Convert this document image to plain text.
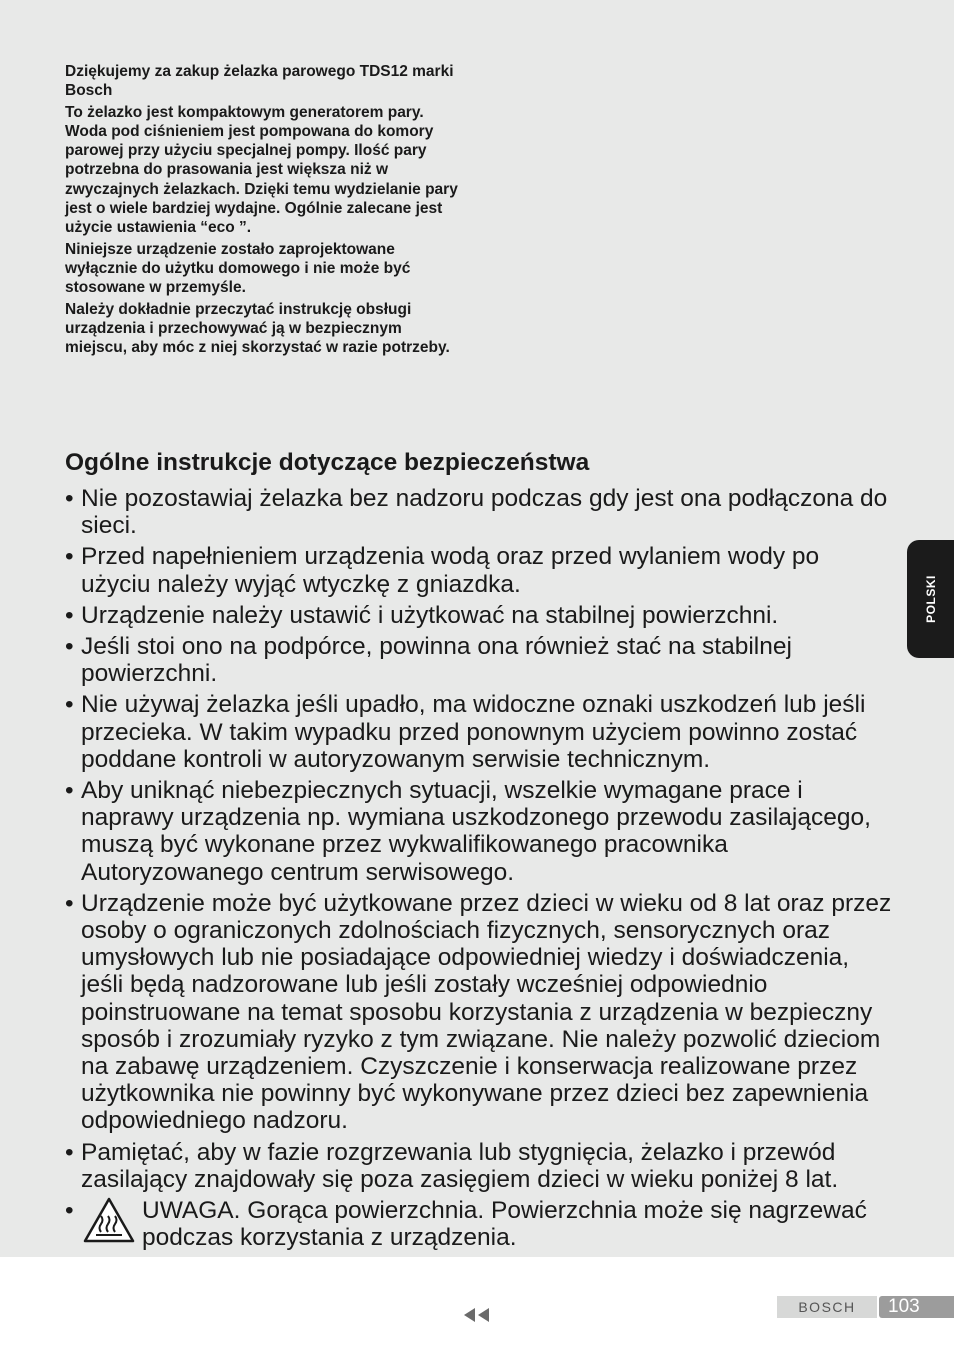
Dziękujemy za zakup żelazka parowego TDS12 marki Bosch

To żelazko jest kompaktowym generatorem pary. Woda pod ciśnieniem jest pompowana do komory parowej przy użyciu specjalnej pompy. Ilość pary potrzebna do prasowania jest większa niż w zwyczajnych żelazkach. Dzięki temu wydzielanie pary jest o wiele bardziej wydajne. Ogólnie zalecane jest użycie ustawienia “eco ”.

Niniejsze urządzenie zostało zaprojektowane wyłącznie do użytku domowego i nie może być stosowane w przemyśle.

Należy dokładnie przeczytać instrukcję obsługi urządzenia i przechowywać ją w bezpiecznym miejscu, aby móc z niej skorzystać w razie potrzeby.

Ogólne instrukcje dotyczące bezpieczeństwa
• Nie pozostawiaj żelazka bez nadzoru podczas gdy jest ona podłączona do sieci.
• Przed napełnieniem urządzenia wodą oraz przed wylaniem wody po użyciu należy wyjąć wtyczkę z gniazdka.
• Urządzenie należy ustawić i użytkować na stabilnej powierzchni.
• Jeśli stoi ono na podpórce, powinna ona również stać na stabilnej powierzchni.
• Nie używaj żelazka jeśli upadło, ma widoczne oznaki uszkodzeń lub jeśli przecieka. W takim wypadku przed ponownym użyciem powinno zostać poddane kontroli w autoryzowanym serwisie technicznym.
• Aby uniknąć niebezpiecznych sytuacji, wszelkie wymagane prace i naprawy urządzenia np. wymiana uszkodzonego przewodu zasilającego, muszą być wykonane przez wykwalifikowanego pracownika Autoryzowanego centrum serwisowego.
• Urządzenie może być użytkowane przez dzieci w wieku od 8 lat oraz przez osoby o ograniczonych zdolnościach fizycznych, sensorycznych oraz umysłowych lub nie posiadające odpowiedniej wiedzy i doświadczenia, jeśli będą nadzorowane lub jeśli zostały wcześniej odpowiednio poinstruowane na temat sposobu korzystania z urządzenia w bezpieczny sposób i zrozumiały ryzyko z tym związane. Nie należy pozwolić dzieciom na zabawę urządzeniem. Czyszczenie i konserwacja realizowane przez użytkownika nie powinny być wykonywane przez dzieci bez zapewnienia odpowiedniego nadzoru.
• Pamiętać, aby w fazie rozgrzewania lub stygnięcia, żelazko i przewód zasilający znajdowały się poza zasięgiem dzieci w wieku poniżej 8 lat.
•	UWAGA. Gorąca powierzchnia. Powierzchnia może się nagrzewać podczas korzystania z urządzenia.
POLSKI
BOSCH	103
